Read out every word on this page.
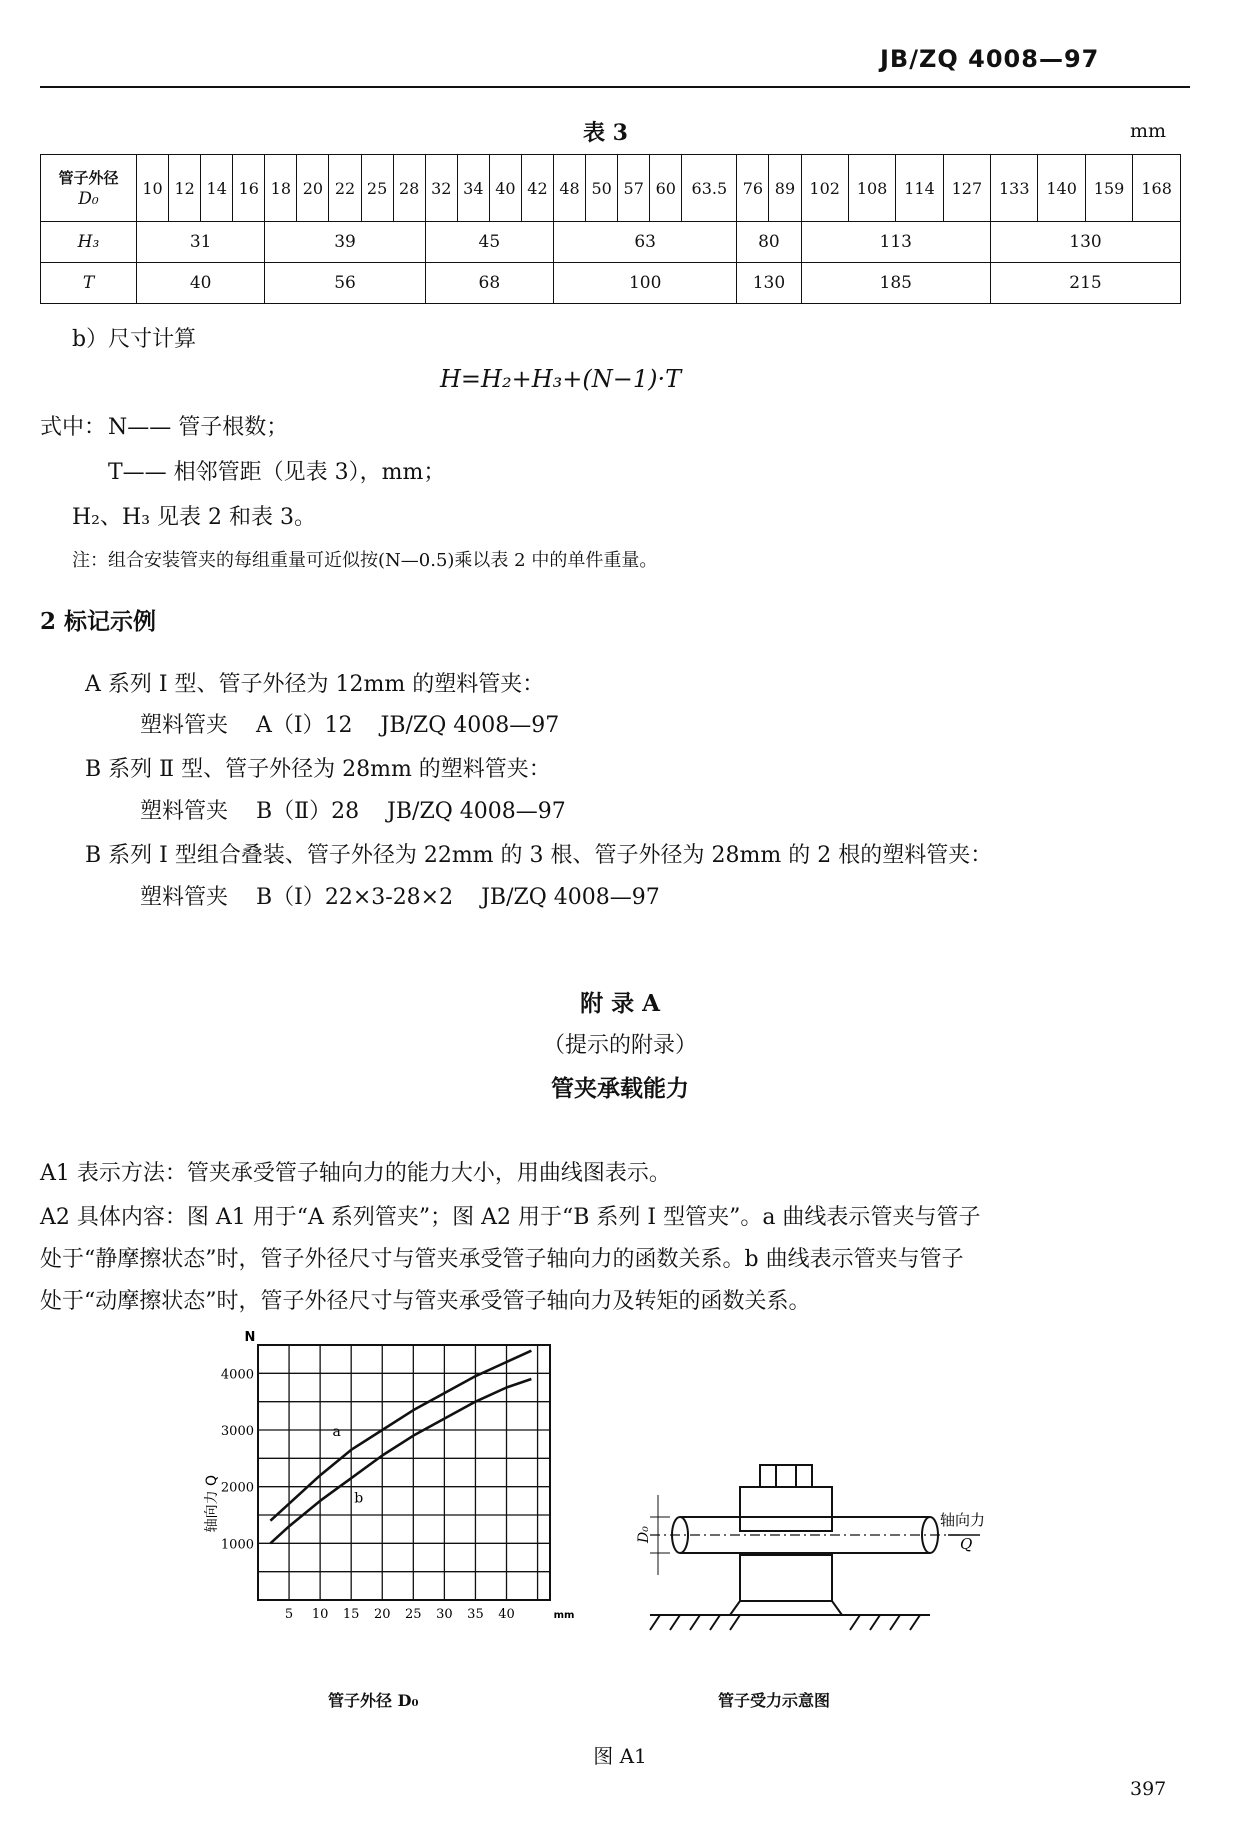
JB/ZQ 4008—97
表 3	mm
管子外径
D₀	10	12	14	16	18	20	22	25	28	32	34	40	42	48	50	57	60	63.5	76	89	102	108	114	127	133	140	159	168
H₃	31				39					45				63					80		113				130			
T	40				56					68				100					130		185				215			
b）尺寸计算
H=H₂+H₃+(N−1)·T
式中： N—— 管子根数；
T—— 相邻管距（见表 3），mm；
H₂、H₃ 见表 2 和表 3。
注：组合安装管夹的每组重量可近似按(N—0.5)乘以表 2 中的单件重量。
2 标记示例
A 系列 Ⅰ 型、管子外径为 12mm 的塑料管夹：
塑料管夹    A（Ⅰ）12    JB/ZQ 4008—97
B 系列 Ⅱ 型、管子外径为 28mm 的塑料管夹：
塑料管夹    B（Ⅱ）28    JB/ZQ 4008—97
B 系列 Ⅰ 型组合叠装、管子外径为 22mm 的 3 根、管子外径为 28mm 的 2 根的塑料管夹：
塑料管夹    B（Ⅰ）22×3-28×2    JB/ZQ 4008—97
附 录 A
（提示的附录）
管夹承载能力
A1 表示方法：管夹承受管子轴向力的能力大小，用曲线图表示。
A2 具体内容：图 A1 用于“A 系列管夹”；图 A2 用于“B 系列 Ⅰ 型管夹”。a 曲线表示管夹与管子
处于“静摩擦状态”时，管子外径尺寸与管夹承受管子轴向力的函数关系。b 曲线表示管夹与管子
处于“动摩擦状态”时，管子外径尺寸与管夹承受管子轴向力及转矩的函数关系。
5 10 15 20 25 30 35 40
1000
2000
3000
4000
N
mm
轴向力 Q
a
b
管子外径 D₀
D₀
轴向力
Q
管子受力示意图
图 A1
397
